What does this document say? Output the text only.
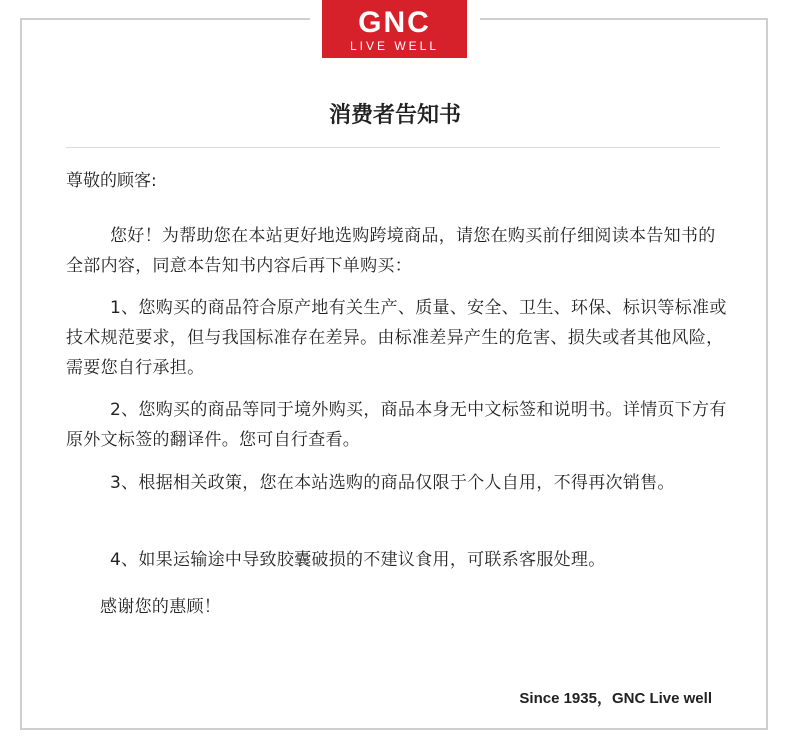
GNC
LIVE WELL
消费者告知书
尊敬的顾客:

您好！为帮助您在本站更好地选购跨境商品，请您在购买前仔细阅读本告知书的全部内容，同意本告知书内容后再下单购买：

1、您购买的商品符合原产地有关生产、质量、安全、卫生、环保、标识等标准或技术规范要求，但与我国标准存在差异。由标准差异产生的危害、损失或者其他风险，需要您自行承担。

2、您购买的商品等同于境外购买，商品本身无中文标签和说明书。详情页下方有原外文标签的翻译件。您可自行查看。

3、根据相关政策，您在本站选购的商品仅限于个人自用，不得再次销售。

4、如果运输途中导致胶囊破损的不建议食用，可联系客服处理。

感谢您的惠顾！

Since 1935，GNC Live well
